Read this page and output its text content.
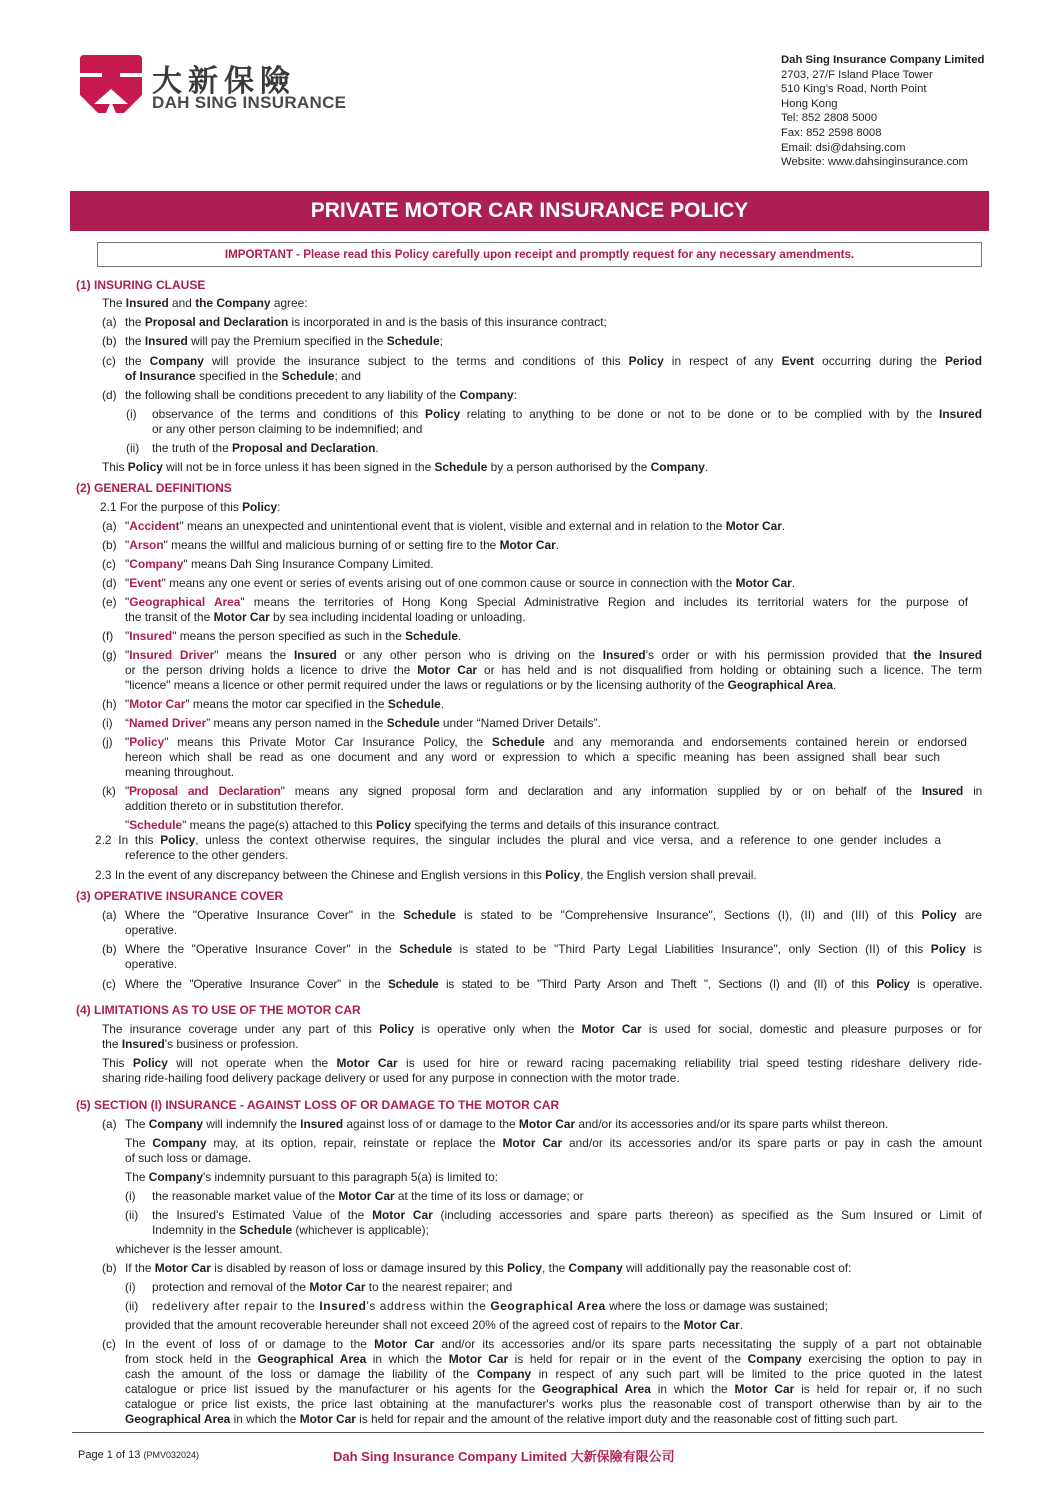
大新保險
DAH SING INSURANCE
Dah Sing Insurance Company Limited
2703, 27/F Island Place Tower
510 King’s Road, North Point
Hong Kong
Tel: 852 2808 5000
Fax: 852 2598 8008
Email: dsi@dahsing.com
Website: www.dahsinginsurance.com
PRIVATE MOTOR CAR INSURANCE POLICY
IMPORTANT - Please read this Policy carefully upon receipt and promptly request for any necessary amendments.
(1) INSURING CLAUSE
The Insured and the Company agree:
(a) the Proposal and Declaration is incorporated in and is the basis of this insurance contract;
(b) the Insured will pay the Premium specified in the Schedule;
(c) the Company will provide the insurance subject to the terms and conditions of this Policy in respect of any Event occurring during the Period
of Insurance specified in the Schedule; and
(d) the following shall be conditions precedent to any liability of the Company:
(i) observance of the terms and conditions of this Policy relating to anything to be done or not to be done or to be complied with by the Insured
or any other person claiming to be indemnified; and
(ii) the truth of the Proposal and Declaration.
This Policy will not be in force unless it has been signed in the Schedule by a person authorised by the Company.
(2) GENERAL DEFINITIONS
2.1 For the purpose of this Policy:
(a) "Accident" means an unexpected and unintentional event that is violent, visible and external and in relation to the Motor Car.
(b) "Arson" means the willful and malicious burning of or setting fire to the Motor Car.
(c) "Company" means Dah Sing Insurance Company Limited.
(d) "Event" means any one event or series of events arising out of one common cause or source in connection with the Motor Car.
(e) "Geographical Area" means the territories of Hong Kong Special Administrative Region and includes its territorial waters for the purpose of
the transit of the Motor Car by sea including incidental loading or unloading.
(f) "Insured" means the person specified as such in the Schedule.
(g) "Insured Driver" means the Insured or any other person who is driving on the Insured's order or with his permission provided that the Insured
or the person driving holds a licence to drive the Motor Car or has held and is not disqualified from holding or obtaining such a licence. The term
"licence" means a licence or other permit required under the laws or regulations or by the licensing authority of the Geographical Area.
(h) "Motor Car" means the motor car specified in the Schedule.
(i) “Named Driver” means any person named in the Schedule under “Named Driver Details”.
(j) "Policy" means this Private Motor Car Insurance Policy, the Schedule and any memoranda and endorsements contained herein or endorsed
hereon which shall be read as one document and any word or expression to which a specific meaning has been assigned shall bear such
meaning throughout.
(k) "Proposal and Declaration" means any signed proposal form and declaration and any information supplied by or on behalf of the Insured in
addition thereto or in substitution therefor.
"Schedule" means the page(s) attached to this Policy specifying the terms and details of this insurance contract.
2.2 In this Policy, unless the context otherwise requires, the singular includes the plural and vice versa, and a reference to one gender includes a
reference to the other genders.
2.3 In the event of any discrepancy between the Chinese and English versions in this Policy, the English version shall prevail.
(3) OPERATIVE INSURANCE COVER
(a) Where the "Operative Insurance Cover" in the Schedule is stated to be "Comprehensive Insurance", Sections (I), (II) and (III) of this Policy are
operative.
(b) Where the "Operative Insurance Cover" in the Schedule is stated to be "Third Party Legal Liabilities Insurance", only Section (II) of this Policy is
operative.
(c) Where the "Operative Insurance Cover" in the Schedule is stated to be "Third Party Arson and Theft ", Sections (I) and (II) of this Policy is operative.
(4) LIMITATIONS AS TO USE OF THE MOTOR CAR
The insurance coverage under any part of this Policy is operative only when the Motor Car is used for social, domestic and pleasure purposes or for
the Insured's business or profession.
This Policy will not operate when the Motor Car is used for hire or reward racing pacemaking reliability trial speed testing rideshare delivery ride-
sharing ride-hailing food delivery package delivery or used for any purpose in connection with the motor trade.
(5) SECTION (I) INSURANCE - AGAINST LOSS OF OR DAMAGE TO THE MOTOR CAR
(a) The Company will indemnify the Insured against loss of or damage to the Motor Car and/or its accessories and/or its spare parts whilst thereon.
The Company may, at its option, repair, reinstate or replace the Motor Car and/or its accessories and/or its spare parts or pay in cash the amount
of such loss or damage.
The Company's indemnity pursuant to this paragraph 5(a) is limited to:
(i) the reasonable market value of the Motor Car at the time of its loss or damage; or
(ii) the Insured's Estimated Value of the Motor Car (including accessories and spare parts thereon) as specified as the Sum Insured or Limit of
Indemnity in the Schedule (whichever is applicable);
whichever is the lesser amount.
(b) If the Motor Car is disabled by reason of loss or damage insured by this Policy, the Company will additionally pay the reasonable cost of:
(i) protection and removal of the Motor Car to the nearest repairer; and
(ii) redelivery after repair to the Insured's address within the Geographical Area where the loss or damage was sustained;
provided that the amount recoverable hereunder shall not exceed 20% of the agreed cost of repairs to the Motor Car.
(c) In the event of loss of or damage to the Motor Car and/or its accessories and/or its spare parts necessitating the supply of a part not obtainable
from stock held in the Geographical Area in which the Motor Car is held for repair or in the event of the Company exercising the option to pay in
cash the amount of the loss or damage the liability of the Company in respect of any such part will be limited to the price quoted in the latest
catalogue or price list issued by the manufacturer or his agents for the Geographical Area in which the Motor Car is held for repair or, if no such
catalogue or price list exists, the price last obtaining at the manufacturer's works plus the reasonable cost of transport otherwise than by air to the
Geographical Area in which the Motor Car is held for repair and the amount of the relative import duty and the reasonable cost of fitting such part.
Page 1 of 13 (PMV032024)	Dah Sing Insurance Company Limited 大新保險有限公司
